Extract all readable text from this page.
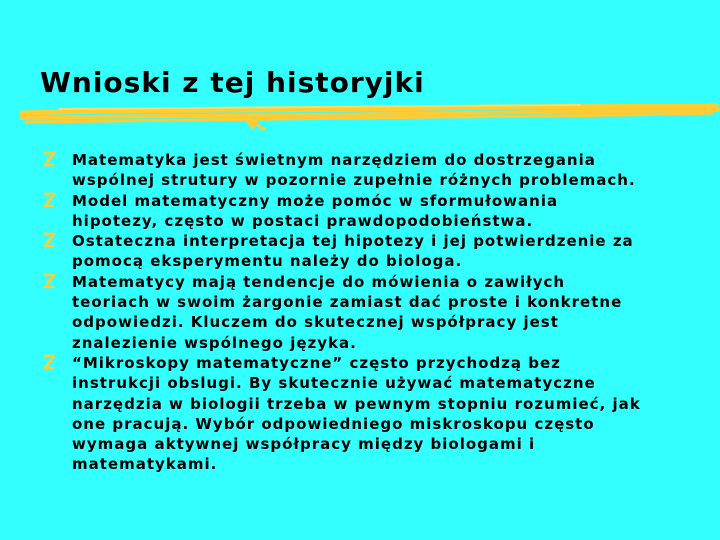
Wnioski z tej historyjki
Matematyka jest świetnym narzędziem do dostrzegania
wspólnej strutury w pozornie zupełnie różnych problemach.
Model matematyczny może pomóc w sformułowania
hipotezy, często w postaci prawdopodobieństwa.
Ostateczna interpretacja tej hipotezy i jej potwierdzenie za
pomocą eksperymentu należy do biologa.
Matematycy mają tendencje do mówienia o zawiłych
teoriach w swoim żargonie zamiast dać proste i konkretne
odpowiedzi. Kluczem do skutecznej współpracy jest
znalezienie wspólnego języka.
“Mikroskopy matematyczne” często przychodzą bez
instrukcji obslugi. By skutecznie używać matematyczne
narzędzia w biologii trzeba w pewnym stopniu rozumieć, jak
one pracują. Wybór odpowiedniego miskroskopu często
wymaga aktywnej współpracy między biologami i
matematykami.
